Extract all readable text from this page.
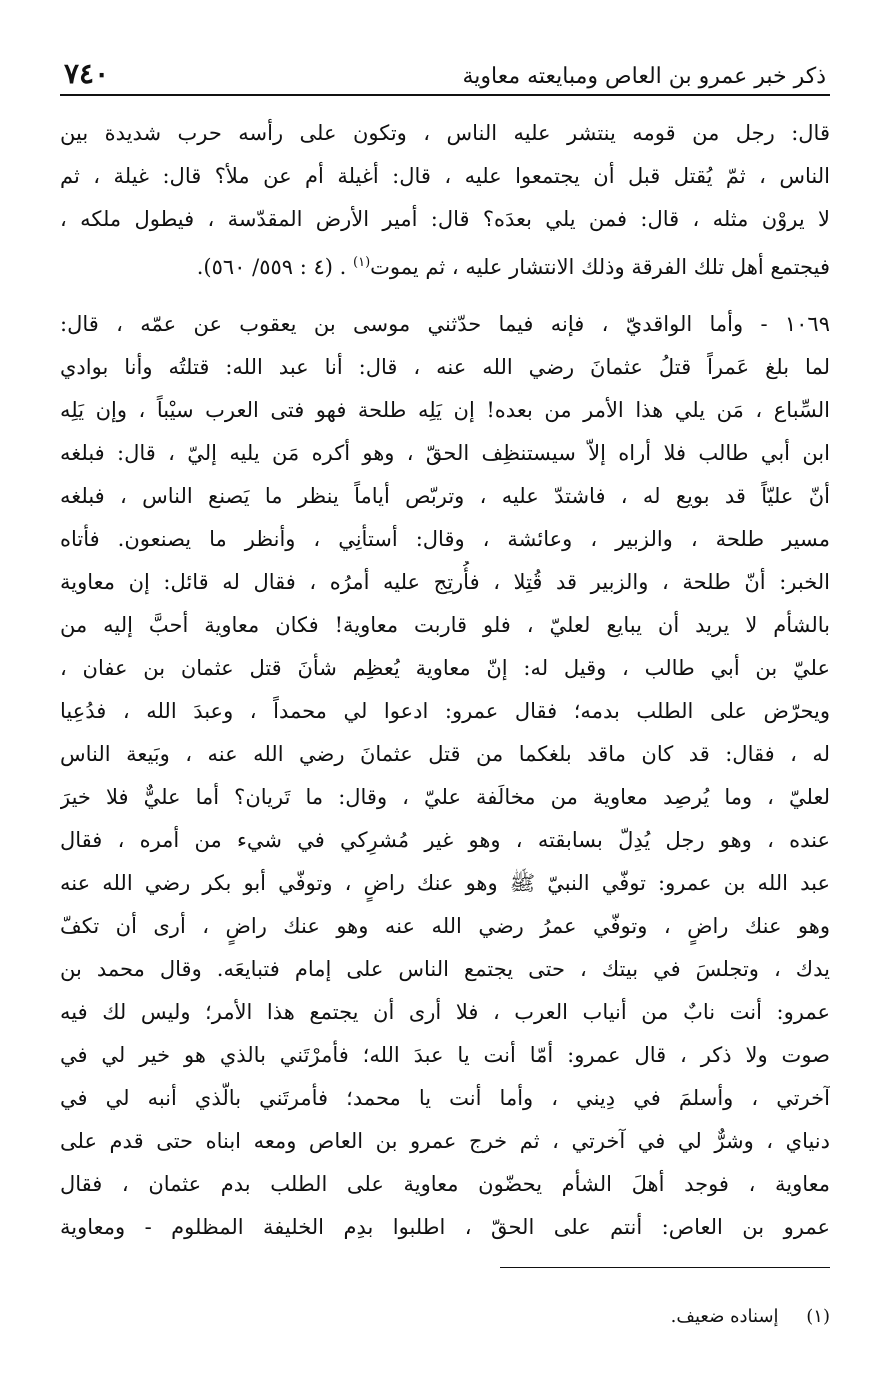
ذكر خبر عمرو بن العاص ومبايعته معاوية
٧٤٠

قال: رجل من قومه ينتشر عليه الناس ، وتكون على رأسه حرب شديدة بين
الناس ، ثمّ يُقتل قبل أن يجتمعوا عليه ، قال: أغيلة أم عن ملأ؟ قال: غيلة ، ثم
لا يروْن مثله ، قال: فمن يلي بعدَه؟ قال: أمير الأرض المقدّسة ، فيطول ملكه ،
فيجتمع أهل تلك الفرقة وذلك الانتشار عليه ، ثم يموت$^{(١)}$ . (٤ : ٥٥٩/ ٥٦٠).

١٠٦٩ - وأما الواقديّ ، فإنه فيما حدّثني موسى بن يعقوب عن عمّه ، قال:
لما بلغ عَمراً قتلُ عثمانَ رضي الله عنه ، قال: أنا عبد الله: قتلتُه وأنا بوادي
السِّباع ، مَن يلي هذا الأمر من بعده! إن يَلِه طلحة فهو فتى العرب سيْباً ، وإن يَلِه
ابن أبي طالب فلا أراه إلاّ سيستنظِف الحقّ ، وهو أكره مَن يليه إليّ ، قال: فبلغه
أنّ عليّاً قد بويع له ، فاشتدّ عليه ، وتربّص أياماً ينظر ما يَصنع الناس ، فبلغه
مسير طلحة ، والزبير ، وعائشة ، وقال: أستأنِي ، وأنظر ما يصنعون. فأتاه
الخبر: أنّ طلحة ، والزبير قد قُتِلا ، فأُرتِج عليه أمرُه ، فقال له قائل: إن معاوية
بالشأم لا يريد أن يبايع لعليّ ، فلو قاربت معاوية! فكان معاوية أحبَّ إليه من
عليّ بن أبي طالب ، وقيل له: إنّ معاوية يُعظِم شأنَ قتل عثمان بن عفان ،
ويحرّض على الطلب بدمه؛ فقال عمرو: ادعوا لي محمداً ، وعبدَ الله ، فدُعِيا
له ، فقال: قد كان ماقد بلغكما من قتل عثمانَ رضي الله عنه ، وبَيعة الناس
لعليّ ، وما يُرصِد معاوية من مخالَفة عليّ ، وقال: ما تَريان؟ أما عليٌّ فلا خيرَ
عنده ، وهو رجل يُدِلّ بسابقته ، وهو غير مُشرِكي في شيء من أمره ، فقال
عبد الله بن عمرو: توفّي النبيّ ﷺ وهو عنك راضٍ ، وتوفّي أبو بكر رضي الله عنه
وهو عنك راضٍ ، وتوفّي عمرُ رضي الله عنه وهو عنك راضٍ ، أرى أن تكفّ
يدك ، وتجلسَ في بيتك ، حتى يجتمع الناس على إمام فتبايعَه. وقال محمد بن
عمرو: أنت نابٌ من أنياب العرب ، فلا أرى أن يجتمع هذا الأمر؛ وليس لك فيه
صوت ولا ذكر ، قال عمرو: أمّا أنت يا عبدَ الله؛ فأمرْتَني بالذي هو خير لي في
آخرتي ، وأسلمَ في دِيني ، وأما أنت يا محمد؛ فأمرتَني بالّذي أنبه لي في
دنياي ، وشرٌّ لي في آخرتي ، ثم خرج عمرو بن العاص ومعه ابناه حتى قدم على
معاوية ، فوجد أهلَ الشأم يحضّون معاوية على الطلب بدم عثمان ، فقال
عمرو بن العاص: أنتم على الحقّ ، اطلبوا بدِم الخليفة المظلوم - ومعاوية

(١) إسناده ضعيف.
